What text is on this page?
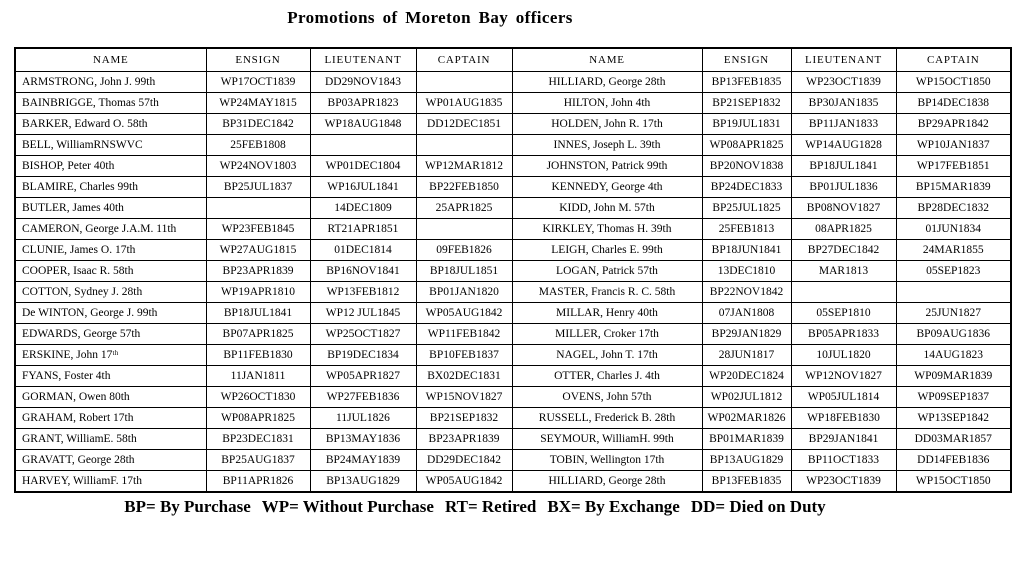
Promotions of Moreton Bay officers
NAME	ENSIGN	LIEUTENANT	CAPTAIN	NAME	ENSIGN	LIEUTENANT	CAPTAIN
ARMSTRONG, John J. 99th	WP17OCT1839	DD29NOV1843		HILLIARD, George 28th	BP13FEB1835	WP23OCT1839	WP15OCT1850
BAINBRIGGE, Thomas 57th	WP24MAY1815	BP03APR1823	WP01AUG1835	HILTON, John 4th	BP21SEP1832	BP30JAN1835	BP14DEC1838
BARKER, Edward O. 58th	BP31DEC1842	WP18AUG1848	DD12DEC1851	HOLDEN, John R. 17th	BP19JUL1831	BP11JAN1833	BP29APR1842
BELL, WilliamRNSWVC	25FEB1808			INNES, Joseph L. 39th	WP08APR1825	WP14AUG1828	WP10JAN1837
BISHOP, Peter 40th	WP24NOV1803	WP01DEC1804	WP12MAR1812	JOHNSTON, Patrick 99th	BP20NOV1838	BP18JUL1841	WP17FEB1851
BLAMIRE, Charles 99th	BP25JUL1837	WP16JUL1841	BP22FEB1850	KENNEDY, George 4th	BP24DEC1833	BP01JUL1836	BP15MAR1839
BUTLER, James 40th		14DEC1809	25APR1825	KIDD, John M. 57th	BP25JUL1825	BP08NOV1827	BP28DEC1832
CAMERON, George J.A.M. 11th	WP23FEB1845	RT21APR1851		KIRKLEY, Thomas H. 39th	25FEB1813	08APR1825	01JUN1834
CLUNIE, James O. 17th	WP27AUG1815	01DEC1814	09FEB1826	LEIGH, Charles E. 99th	BP18JUN1841	BP27DEC1842	24MAR1855
COOPER, Isaac R. 58th	BP23APR1839	BP16NOV1841	BP18JUL1851	LOGAN, Patrick 57th	13DEC1810	MAR1813	05SEP1823
COTTON, Sydney J. 28th	WP19APR1810	WP13FEB1812	BP01JAN1820	MASTER, Francis R. C. 58th	BP22NOV1842		
De WINTON, George J. 99th	BP18JUL1841	WP12 JUL1845	WP05AUG1842	MILLAR, Henry 40th	07JAN1808	05SEP1810	25JUN1827
EDWARDS, George 57th	BP07APR1825	WP25OCT1827	WP11FEB1842	MILLER, Croker 17th	BP29JAN1829	BP05APR1833	BP09AUG1836
ERSKINE, John 17ᵗʰ	BP11FEB1830	BP19DEC1834	BP10FEB1837	NAGEL, John T. 17th	28JUN1817	10JUL1820	14AUG1823
FYANS, Foster 4th	11JAN1811	WP05APR1827	BX02DEC1831	OTTER, Charles J. 4th	WP20DEC1824	WP12NOV1827	WP09MAR1839
GORMAN, Owen 80th	WP26OCT1830	WP27FEB1836	WP15NOV1827	OVENS, John 57th	WP02JUL1812	WP05JUL1814	WP09SEP1837
GRAHAM, Robert 17th	WP08APR1825	11JUL1826	BP21SEP1832	RUSSELL, Frederick B. 28th	WP02MAR1826	WP18FEB1830	WP13SEP1842
GRANT, WilliamE. 58th	BP23DEC1831	BP13MAY1836	BP23APR1839	SEYMOUR, WilliamH. 99th	BP01MAR1839	BP29JAN1841	DD03MAR1857
GRAVATT, George 28th	BP25AUG1837	BP24MAY1839	DD29DEC1842	TOBIN, Wellington 17th	BP13AUG1829	BP11OCT1833	DD14FEB1836
HARVEY, WilliamF. 17th	BP11APR1826	BP13AUG1829	WP05AUG1842	HILLIARD, George 28th	BP13FEB1835	WP23OCT1839	WP15OCT1850
BP= By Purchase WP= Without Purchase RT= Retired BX= By Exchange DD= Died on Duty
